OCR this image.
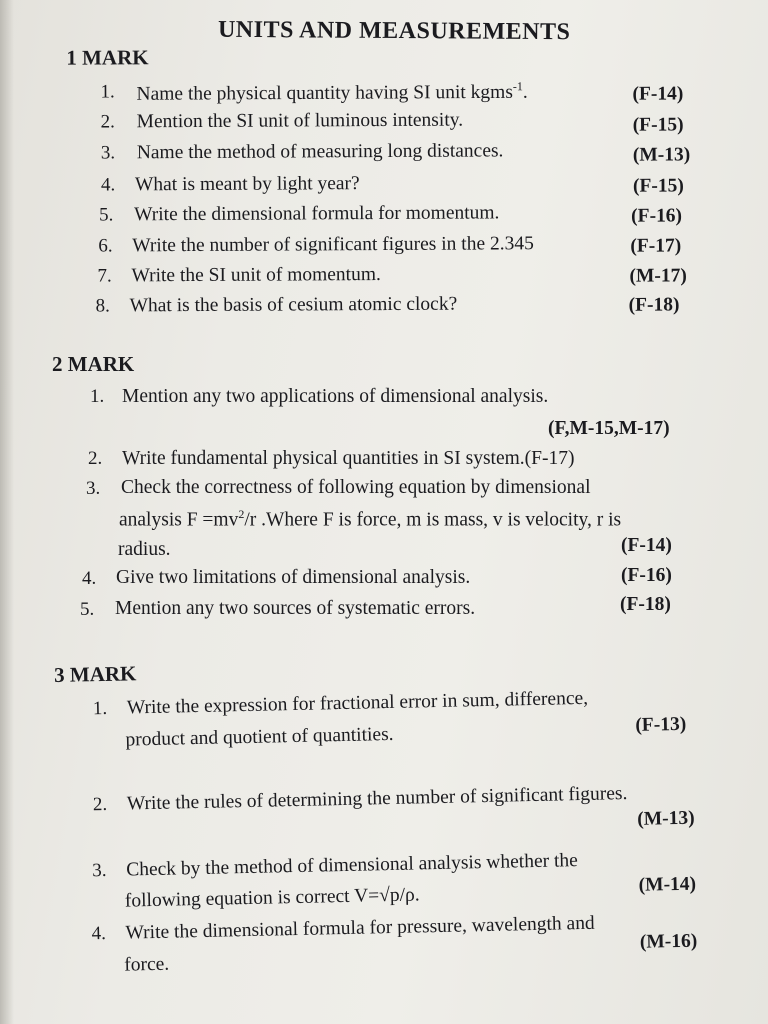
UNITS AND MEASUREMENTS
1 MARK
1. Name the physical quantity having SI unit kgms$^{-1}$.	(F-14)
2. Mention the SI unit of luminous intensity.	(F-15)
3. Name the method of measuring long distances.	(M-13)
4. What is meant by light year?	(F-15)
5. Write the dimensional formula for momentum.	(F-16)
6. Write the number of significant figures in the 2.345	(F-17)
7. Write the SI unit of momentum.	(M-17)
8. What is the basis of cesium atomic clock?	(F-18)
2 MARK
1. Mention any two applications of dimensional analysis.
(F,M-15,M-17)
2. Write fundamental physical quantities in SI system.(F-17)
3. Check the correctness of following equation by dimensional
analysis $F =mv^2/r$ .Where F is force, m is mass, v is velocity, r is
radius.	(F-14)
4. Give two limitations of dimensional analysis.	(F-16)
5. Mention any two sources of systematic errors.	(F-18)
3 MARK
1. Write the expression for fractional error in sum, difference,
product and quotient of quantities.	(F-13)
2. Write the rules of determining the number of significant figures.
(M-13)
3. Check by the method of dimensional analysis whether the
following equation is correct V=√p/ρ.	(M-14)
4. Write the dimensional formula for pressure, wavelength and
force.
(M-16)
